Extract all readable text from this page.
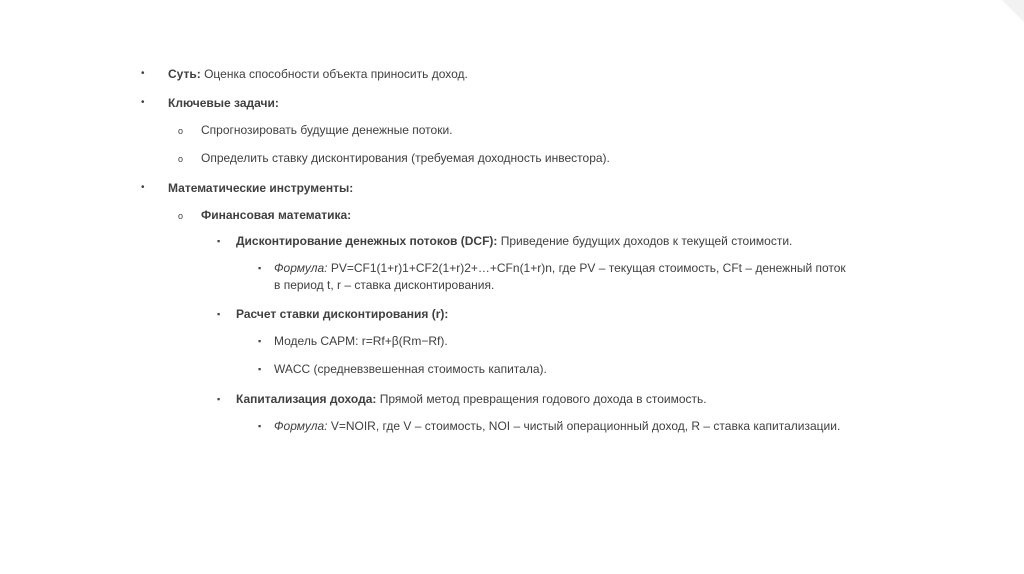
• Суть: Оценка способности объекта приносить доход.
• Ключевые задачи:
o Спрогнозировать будущие денежные потоки.
o Определить ставку дисконтирования (требуемая доходность инвестора).
• Математические инструменты:
o Финансовая математика:
▪ Дисконтирование денежных потоков (DCF): Приведение будущих доходов к текущей стоимости.
▪ Формула: PV=CF1(1+r)1+CF2(1+r)2+…+CFn(1+r)n, где PV – текущая стоимость, CFt – денежный поток
в период t, r – ставка дисконтирования.
▪ Расчет ставки дисконтирования (r):
▪ Модель CAPM: r=Rf+β(Rm−Rf).
▪ WACC (средневзвешенная стоимость капитала).
▪ Капитализация дохода: Прямой метод превращения годового дохода в стоимость.
▪ Формула: V=NOIR, где V – стоимость, NOI – чистый операционный доход, R – ставка капитализации.
